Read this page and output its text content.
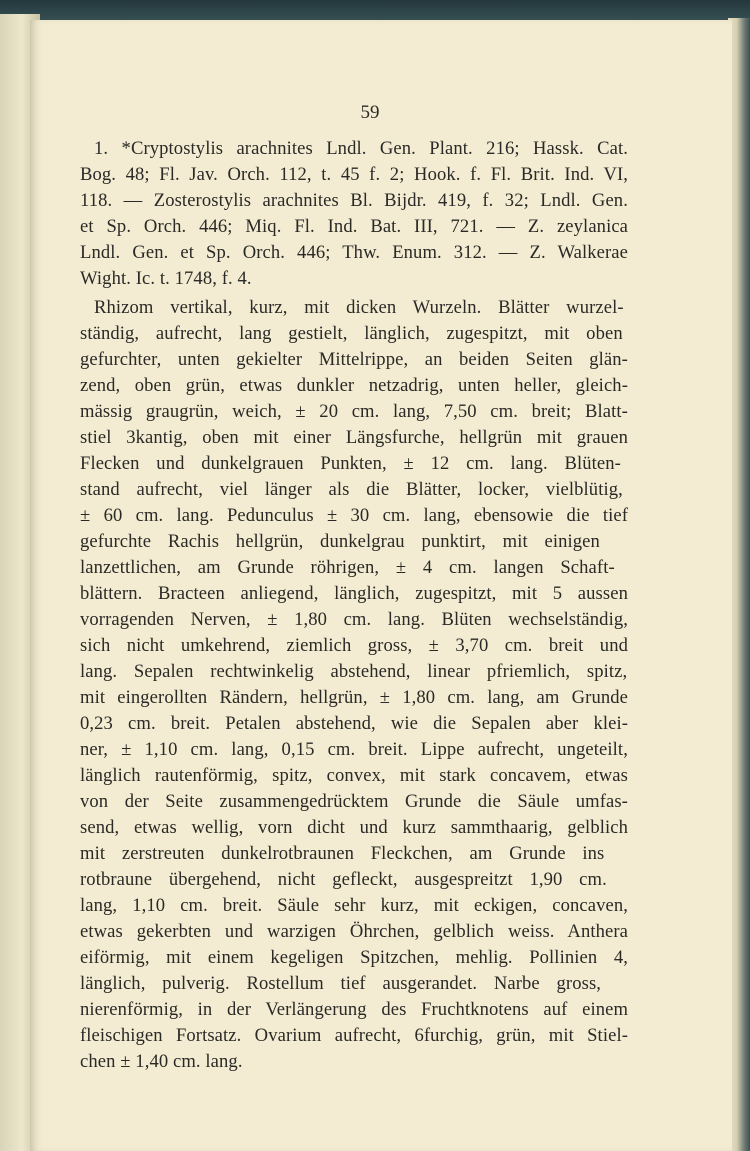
59
1. *Cryptostylis arachnites Lndl. Gen. Plant. 216; Hassk. Cat.
Bog. 48; Fl. Jav. Orch. 112, t. 45 f. 2; Hook. f. Fl. Brit. Ind. VI,
118. — Zosterostylis arachnites Bl. Bijdr. 419, f. 32; Lndl. Gen.
et Sp. Orch. 446; Miq. Fl. Ind. Bat. III, 721. — Z. zeylanica
Lndl. Gen. et Sp. Orch. 446; Thw. Enum. 312. — Z. Walkerae
Wight. Ic. t. 1748, f. 4.
Rhizom vertikal, kurz, mit dicken Wurzeln. Blätter wurzel-
ständig, aufrecht, lang gestielt, länglich, zugespitzt, mit oben
gefurchter, unten gekielter Mittelrippe, an beiden Seiten glän-
zend, oben grün, etwas dunkler netzadrig, unten heller, gleich-
mässig graugrün, weich, ± 20 cm. lang, 7,50 cm. breit; Blatt-
stiel 3kantig, oben mit einer Längsfurche, hellgrün mit grauen
Flecken und dunkelgrauen Punkten, ± 12 cm. lang. Blüten-
stand aufrecht, viel länger als die Blätter, locker, vielblütig,
± 60 cm. lang. Pedunculus ± 30 cm. lang, ebensowie die tief
gefurchte Rachis hellgrün, dunkelgrau punktirt, mit einigen
lanzettlichen, am Grunde röhrigen, ± 4 cm. langen Schaft-
blättern. Bracteen anliegend, länglich, zugespitzt, mit 5 aussen
vorragenden Nerven, ± 1,80 cm. lang. Blüten wechselständig,
sich nicht umkehrend, ziemlich gross, ± 3,70 cm. breit und
lang. Sepalen rechtwinkelig abstehend, linear pfriemlich, spitz,
mit eingerollten Rändern, hellgrün, ± 1,80 cm. lang, am Grunde
0,23 cm. breit. Petalen abstehend, wie die Sepalen aber klei-
ner, ± 1,10 cm. lang, 0,15 cm. breit. Lippe aufrecht, ungeteilt,
länglich rautenförmig, spitz, convex, mit stark concavem, etwas
von der Seite zusammengedrücktem Grunde die Säule umfas-
send, etwas wellig, vorn dicht und kurz sammthaarig, gelblich
mit zerstreuten dunkelrotbraunen Fleckchen, am Grunde ins
rotbraune übergehend, nicht gefleckt, ausgespreitzt 1,90 cm.
lang, 1,10 cm. breit. Säule sehr kurz, mit eckigen, concaven,
etwas gekerbten und warzigen Öhrchen, gelblich weiss. Anthera
eiförmig, mit einem kegeligen Spitzchen, mehlig. Pollinien 4,
länglich, pulverig. Rostellum tief ausgerandet. Narbe gross,
nierenförmig, in der Verlängerung des Fruchtknotens auf einem
fleischigen Fortsatz. Ovarium aufrecht, 6furchig, grün, mit Stiel-
chen ± 1,40 cm. lang.
